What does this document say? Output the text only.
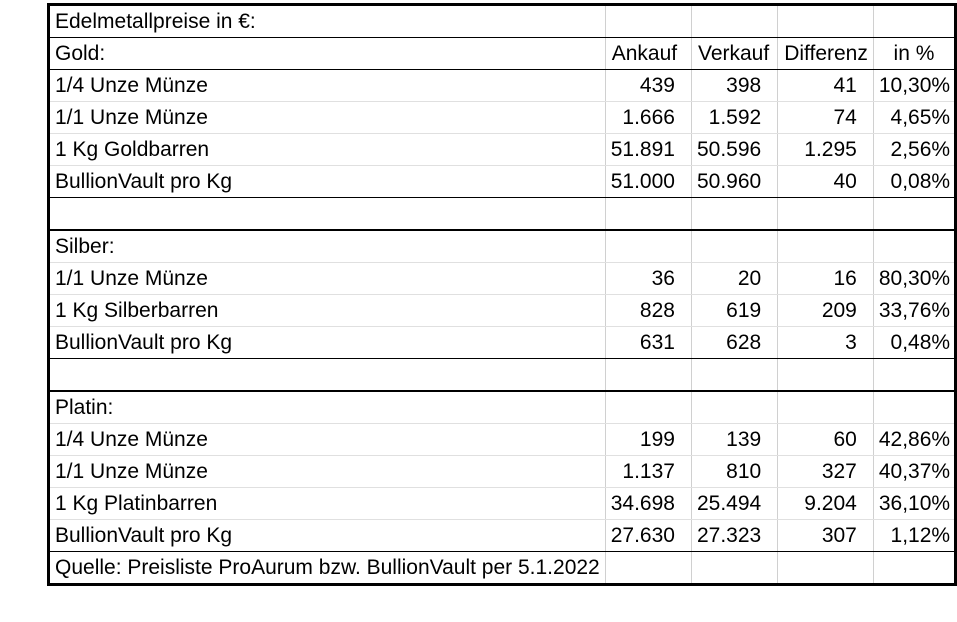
Edelmetallpreise in €:				
Gold:	Ankauf	Verkauf	Differenz	in %
1/4 Unze Münze	439	398	41	10,30%
1/1 Unze Münze	1.666	1.592	74	4,65%
1 Kg Goldbarren	51.891	50.596	1.295	2,56%
BullionVault pro Kg	51.000	50.960	40	0,08%

Silber:				
1/1 Unze Münze	36	20	16	80,30%
1 Kg Silberbarren	828	619	209	33,76%
BullionVault pro Kg	631	628	3	0,48%

Platin:				
1/4 Unze Münze	199	139	60	42,86%
1/1 Unze Münze	1.137	810	327	40,37%
1 Kg Platinbarren	34.698	25.494	9.204	36,10%
BullionVault pro Kg	27.630	27.323	307	1,12%
Quelle: Preisliste ProAurum bzw. BullionVault per 5.1.2022				
